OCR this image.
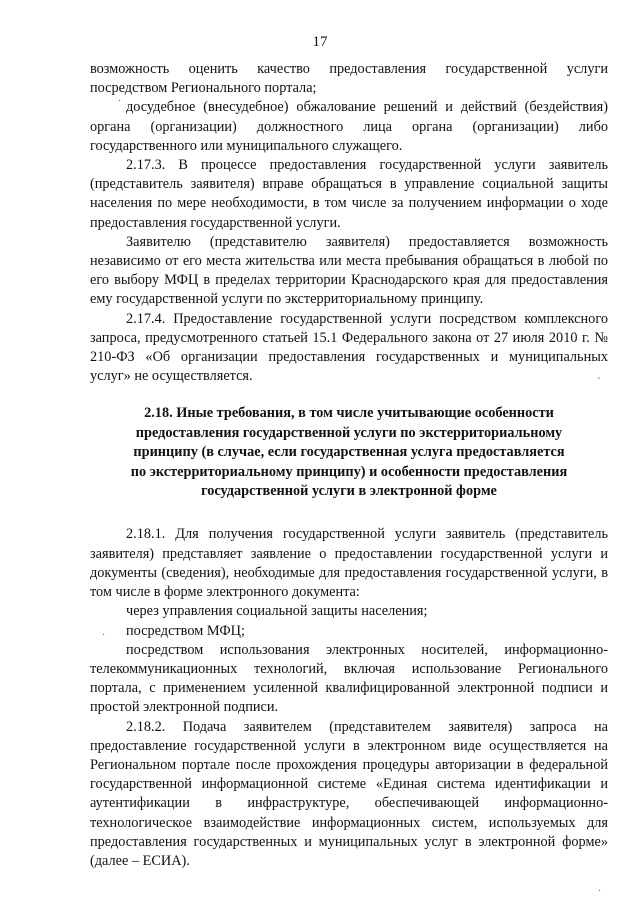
17

возможность оценить качество предоставления государственной услуги посредством Регионального портала;

досудебное (внесудебное) обжалование решений и действий (бездействия) органа (организации) должностного лица органа (организации) либо государственного или муниципального служащего.

2.17.3. В процессе предоставления государственной услуги заявитель (представитель заявителя) вправе обращаться в управление социальной защиты населения по мере необходимости, в том числе за получением информации о ходе предоставления государственной услуги.

Заявителю (представителю заявителя) предоставляется возможность независимо от его места жительства или места пребывания обращаться в любой по его выбору МФЦ в пределах территории Краснодарского края для предоставления ему государственной услуги по экстерриториальному принципу.

2.17.4. Предоставление государственной услуги посредством комплексного запроса, предусмотренного статьей 15.1 Федерального закона от 27 июля 2010 г. № 210-ФЗ «Об организации предоставления государственных и муниципальных услуг» не осуществляется.

2.18. Иные требования, в том числе учитывающие особенности предоставления государственной услуги по экстерриториальному принципу (в случае, если государственная услуга предоставляется по экстерриториальному принципу) и особенности предоставления государственной услуги в электронной форме

2.18.1. Для получения государственной услуги заявитель (представитель заявителя) представляет заявление о предоставлении государственной услуги и документы (сведения), необходимые для предоставления государственной услуги, в том числе в форме электронного документа:

через управления социальной защиты населения;

посредством МФЦ;

посредством использования электронных носителей, информационно-телекоммуникационных технологий, включая использование Регионального портала, с применением усиленной квалифицированной электронной подписи и простой электронной подписи.

2.18.2. Подача заявителем (представителем заявителя) запроса на предоставление государственной услуги в электронном виде осуществляется на Региональном портале после прохождения процедуры авторизации в федеральной государственной информационной системе «Единая система идентификации и аутентификации в инфраструктуре, обеспечивающей информационно-технологическое взаимодействие информационных систем, используемых для предоставления государственных и муниципальных услуг в электронной форме» (далее – ЕСИА).

·
'
·
·
